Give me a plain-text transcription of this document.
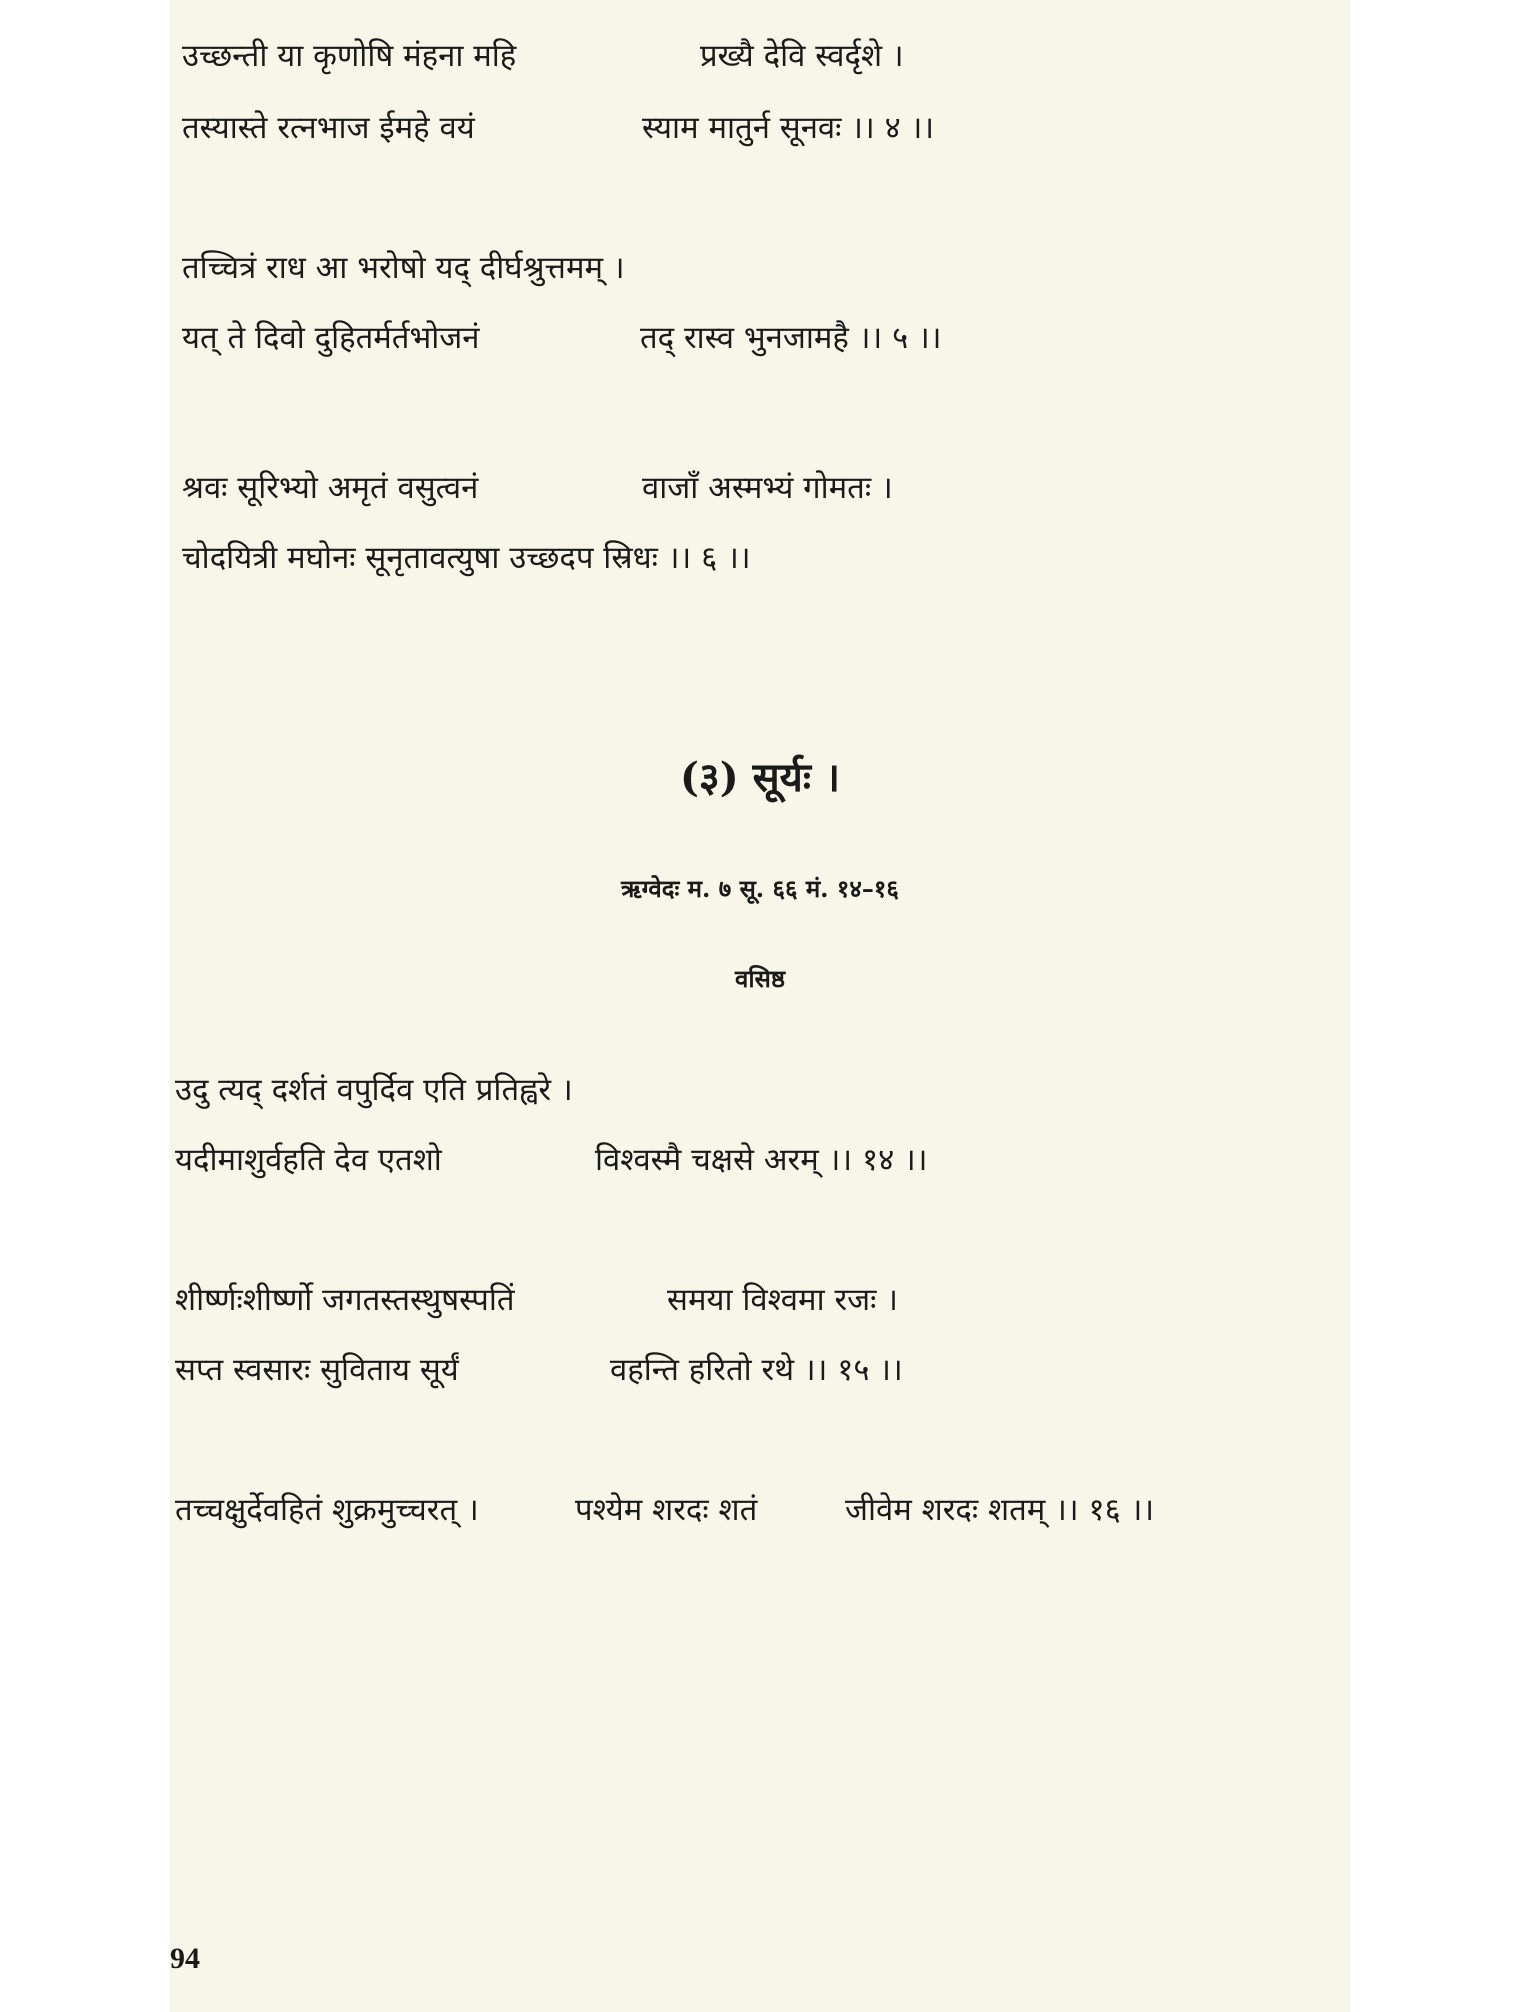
उच्छन्ती या कृणोषि मंहना महि	प्रख्यै देवि स्वर्दृशे ।
तस्यास्ते रत्नभाज ईमहे वयं	स्याम मातुर्न सूनवः ।। ४ ।।
तच्चित्रं राध आ भरोषो यद् दीर्घश्रुत्तमम् ।
यत् ते दिवो दुहितर्मर्तभोजनं	तद् रास्व भुनजामहै ।। ५ ।।
श्रवः सूरिभ्यो अमृतं वसुत्वनं	वाजाँ अस्मभ्यं गोमतः ।
चोदयित्री मघोनः सूनृतावत्युषा उच्छदप स्रिधः ।। ६ ।।
(३) सूर्यः ।
ऋग्वेदः म. ७ सू. ६६ मं. १४–१६
वसिष्ठ
उदु त्यद् दर्शतं वपुर्दिव एति प्रतिह्वरे ।
यदीमाशुर्वहति देव एतशो	विश्वस्मै चक्षसे अरम् ।। १४ ।।
शीर्ष्णःशीर्ष्णो जगतस्तस्थुषस्पतिं	समया विश्वमा रजः ।
सप्त स्वसारः सुविताय सूर्यं	वहन्ति हरितो रथे ।। १५ ।।
तच्चक्षुर्देवहितं शुक्रमुच्चरत् ।	पश्येम शरदः शतं	जीवेम शरदः शतम् ।। १६ ।।
94
